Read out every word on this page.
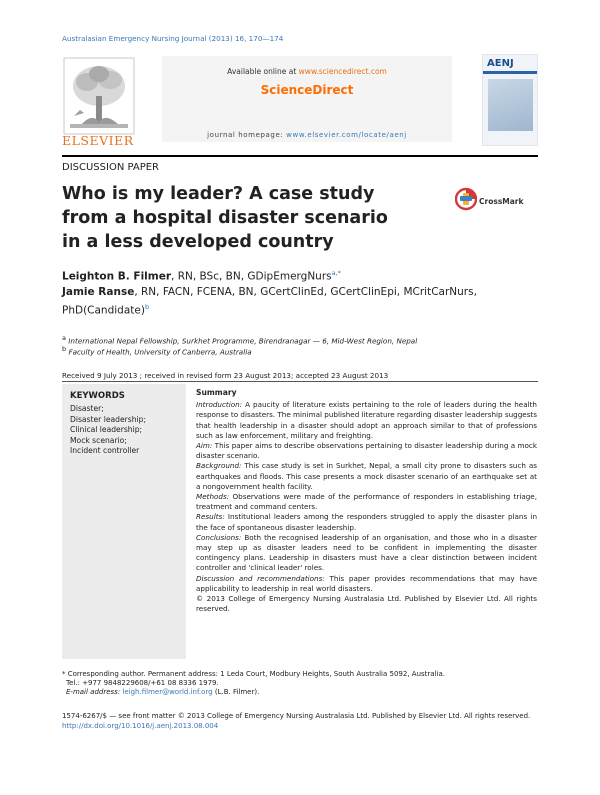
Australasian Emergency Nursing Journal (2013) 16, 170—174
ELSEVIER
Available online at www.sciencedirect.com
ScienceDirect
journal homepage: www.elsevier.com/locate/aenj
AENJ
DISCUSSION PAPER
Who is my leader? A case study from a hospital disaster scenario in a less developed country
CrossMark
Leighton B. Filmer, RN, BSc, BN, GDipEmergNurs$^{a,*}$
Jamie Ranse, RN, FACN, FCENA, BN, GCertClinEd, GCertClinEpi, MCritCarNurs, PhD(Candidate)$^b$
a International Nepal Fellowship, Surkhet Programme, Birendranagar — 6, Mid-West Region, Nepal
b Faculty of Health, University of Canberra, Australia
Received 9 July 2013 ; received in revised form 23 August 2013; accepted 23 August 2013
KEYWORDS
Disaster;
Disaster leadership;
Clinical leadership;
Mock scenario;
Incident controller
Summary

Introduction: A paucity of literature exists pertaining to the role of leaders during the health response to disasters. The minimal published literature regarding disaster leadership suggests that health leadership in a disaster should adopt an approach similar to that of professions such as law enforcement, military and freighting.

Aim: This paper aims to describe observations pertaining to disaster leadership during a mock disaster scenario.

Background: This case study is set in Surkhet, Nepal, a small city prone to disasters such as earthquakes and floods. This case presents a mock disaster scenario of an earthquake set at a nongovernment health facility.

Methods: Observations were made of the performance of responders in establishing triage, treatment and command centers.

Results: Institutional leaders among the responders struggled to apply the disaster plans in the face of spontaneous disaster leadership.

Conclusions: Both the recognised leadership of an organisation, and those who in a disaster may step up as disaster leaders need to be confident in implementing the disaster contingency plans. Leadership in disasters must have a clear distinction between incident controller and 'clinical leader' roles.

Discussion and recommendations: This paper provides recommendations that may have applicability to leadership in real world disasters.

© 2013 College of Emergency Nursing Australasia Ltd. Published by Elsevier Ltd. All rights reserved.

* Corresponding author. Permanent address: 1 Leda Court, Modbury Heights, South Australia 5092, Australia.
Tel.: +977 9848229608/+61 08 8336 1979.
E-mail address: leigh.filmer@world.inf.org (L.B. Filmer).
1574-6267/$ — see front matter © 2013 College of Emergency Nursing Australasia Ltd. Published by Elsevier Ltd. All rights reserved.
http://dx.doi.org/10.1016/j.aenj.2013.08.004
